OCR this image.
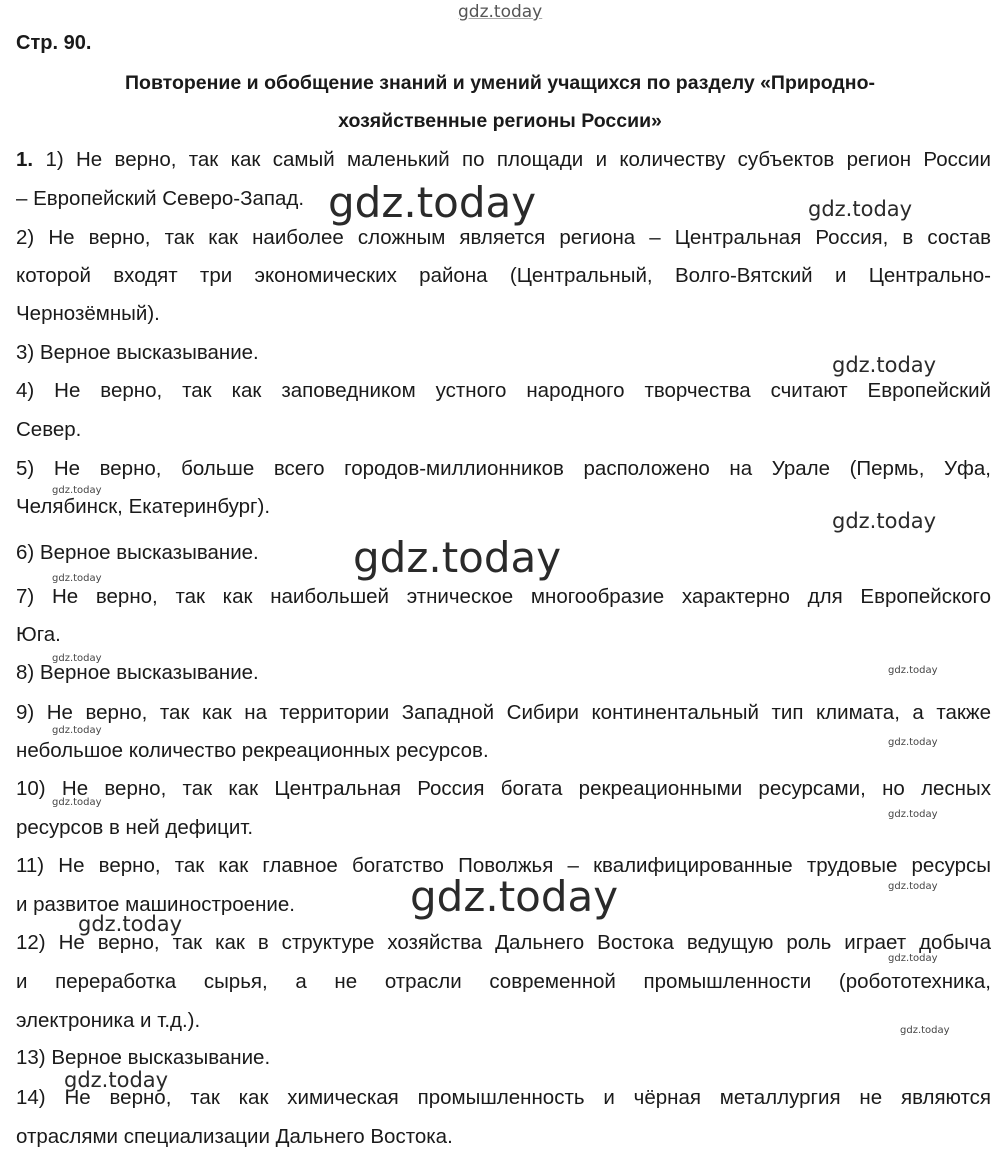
gdz.today
Стр. 90.
Повторение и обобщение знаний и умений учащихся по разделу «Природно-
хозяйственные регионы России»
1. 1) Не верно, так как самый маленький по площади и количеству субъектов регион России
– Европейский Северо-Запад.
2) Не верно, так как наиболее сложным является региона – Центральная Россия, в состав
которой входят три экономических района (Центральный, Волго-Вятский и Центрально-
Чернозёмный).
3) Верное высказывание.
4) Не верно, так как заповедником устного народного творчества считают Европейский
Север.
5) Не верно, больше всего городов-миллионников расположено на Урале (Пермь, Уфа,
Челябинск, Екатеринбург).
6) Верное высказывание.
7) Не верно, так как наибольшей этническое многообразие характерно для Европейского
Юга.
8) Верное высказывание.
9) Не верно, так как на территории Западной Сибири континентальный тип климата, а также
небольшое количество рекреационных ресурсов.
10) Не верно, так как Центральная Россия богата рекреационными ресурсами, но лесных
ресурсов в ней дефицит.
11) Не верно, так как главное богатство Поволжья – квалифицированные трудовые ресурсы
и развитое машиностроение.
12) Не верно, так как в структуре хозяйства Дальнего Востока ведущую роль играет добыча
и переработка сырья, а не отрасли современной промышленности (робототехника,
электроника и т.д.).
13) Верное высказывание.
14) Не верно, так как химическая промышленность и чёрная металлургия не являются
отраслями специализации Дальнего Востока.
gdz.today	gdz.today
gdz.today
gdz.today
gdz.today
gdz.today
gdz.today
gdz.today
gdz.today
gdz.today
gdz.today
gdz.today
gdz.today
gdz.today
gdz.today
gdz.today
gdz.today
gdz.today
gdz.today
